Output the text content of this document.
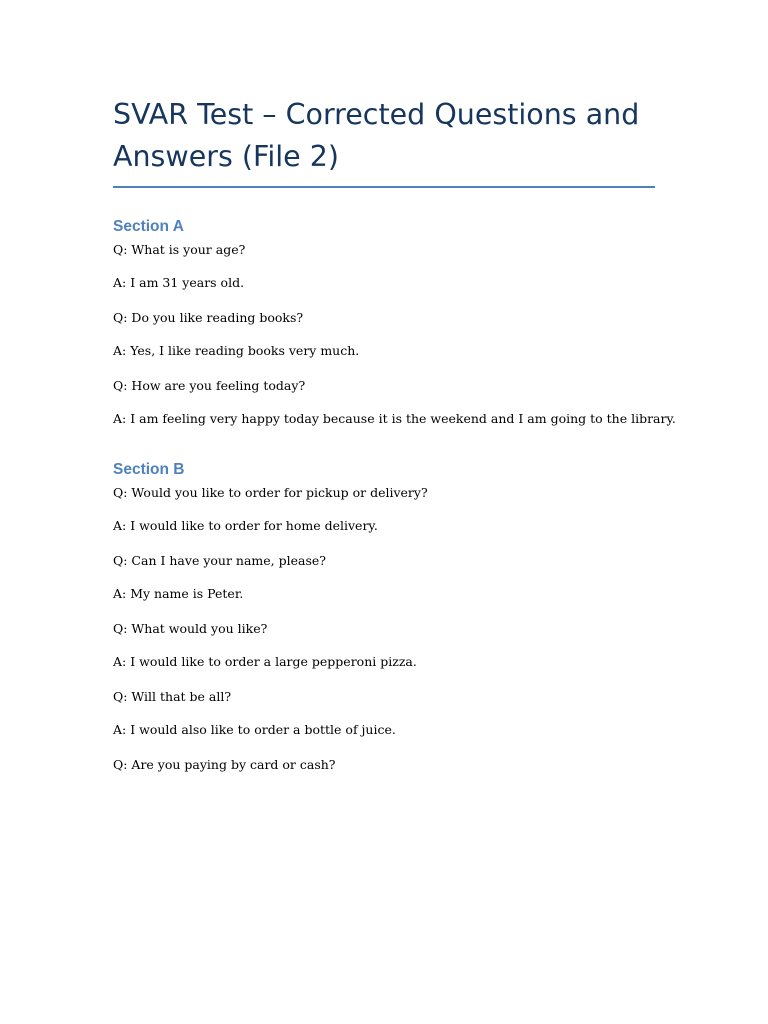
SVAR Test – Corrected Questions and Answers (File 2)
Section A

Q: What is your age?

A: I am 31 years old.

Q: Do you like reading books?

A: Yes, I like reading books very much.

Q: How are you feeling today?

A: I am feeling very happy today because it is the weekend and I am going to the library.

Section B

Q: Would you like to order for pickup or delivery?

A: I would like to order for home delivery.

Q: Can I have your name, please?

A: My name is Peter.

Q: What would you like?

A: I would like to order a large pepperoni pizza.

Q: Will that be all?

A: I would also like to order a bottle of juice.

Q: Are you paying by card or cash?
